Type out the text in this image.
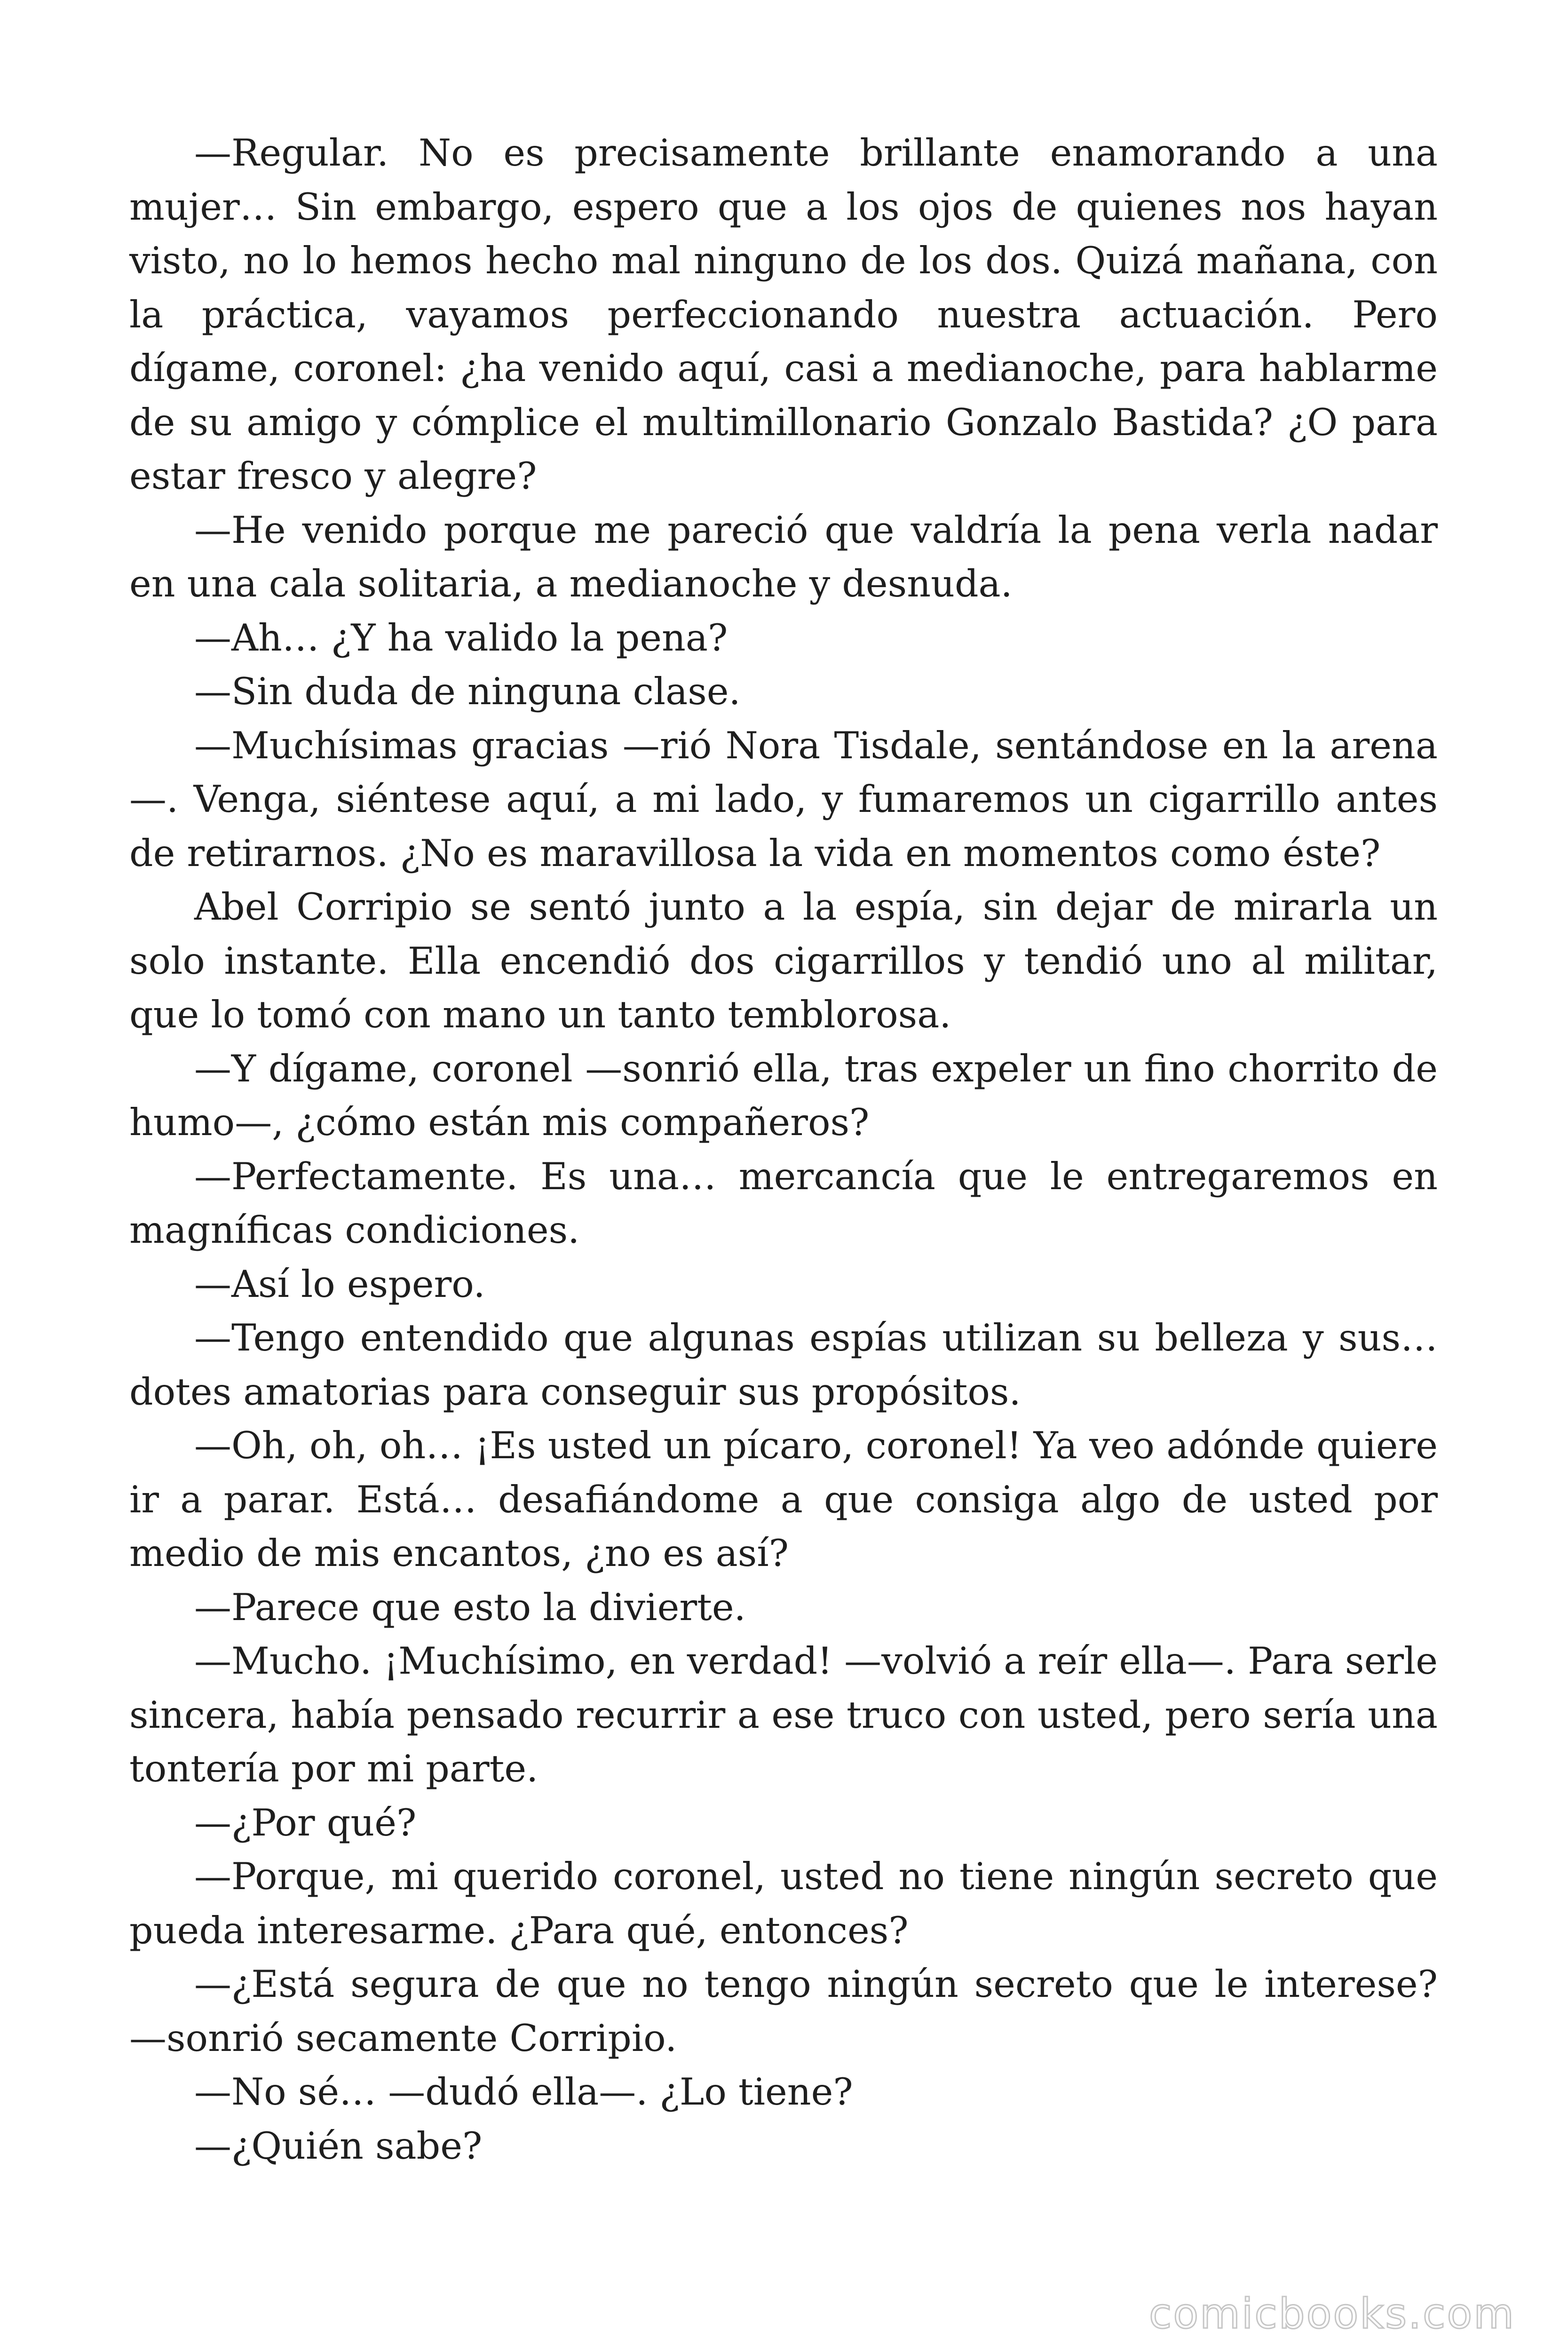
—Regular. No es precisamente brillante enamorando a una mujer… Sin embargo, espero que a los ojos de quienes nos hayan visto, no lo hemos hecho mal ninguno de los dos. Quizá mañana, con la práctica, vayamos perfeccionando nuestra actuación. Pero dígame, coronel: ¿ha venido aquí, casi a medianoche, para hablarme de su amigo y cómplice el multimillonario Gonzalo Bastida? ¿O para estar fresco y alegre?

—He venido porque me pareció que valdría la pena verla nadar en una cala solitaria, a medianoche y desnuda.

—Ah… ¿Y ha valido la pena?

—Sin duda de ninguna clase.

—Muchísimas gracias —rió Nora Tisdale, sentándose en la arena —. Venga, siéntese aquí, a mi lado, y fumaremos un cigarrillo antes de retirarnos. ¿No es maravillosa la vida en momentos como éste?

Abel Corripio se sentó junto a la espía, sin dejar de mirarla un solo instante. Ella encendió dos cigarrillos y tendió uno al militar, que lo tomó con mano un tanto temblorosa.

—Y dígame, coronel —sonrió ella, tras expeler un fino chorrito de humo—, ¿cómo están mis compañeros?

—Perfectamente. Es una… mercancía que le entregaremos en magníficas condiciones.

—Así lo espero.

—Tengo entendido que algunas espías utilizan su belleza y sus… dotes amatorias para conseguir sus propósitos.

—Oh, oh, oh… ¡Es usted un pícaro, coronel! Ya veo adónde quiere ir a parar. Está… desafiándome a que consiga algo de usted por medio de mis encantos, ¿no es así?

—Parece que esto la divierte.

—Mucho. ¡Muchísimo, en verdad! —volvió a reír ella—. Para serle sincera, había pensado recurrir a ese truco con usted, pero sería una tontería por mi parte.

—¿Por qué?

—Porque, mi querido coronel, usted no tiene ningún secreto que pueda interesarme. ¿Para qué, entonces?

—¿Está segura de que no tengo ningún secreto que le interese? —sonrió secamente Corripio.

—No sé… —dudó ella—. ¿Lo tiene?

—¿Quién sabe?

comicbooks.com
